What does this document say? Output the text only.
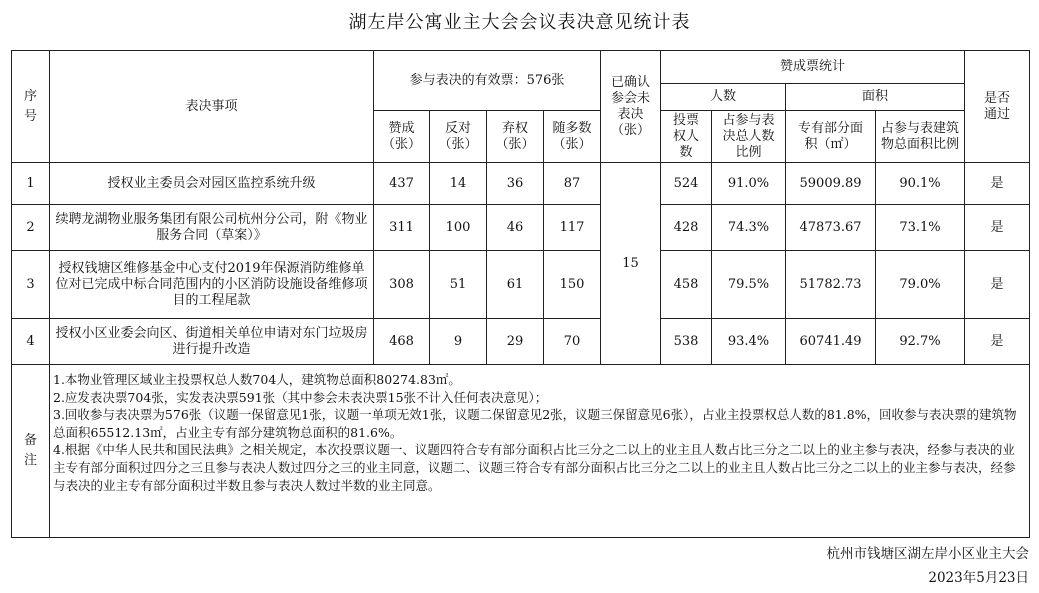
湖左岸公寓业主大会会议表决意见统计表
序号	表决事项	参与表决的有效票：576张				已确认参会未表决（张）	赞成票统计				是否通过
							人数		面积		
		赞成（张）	反对（张）	弃权（张）	随多数（张）		投票权人数	占参与表决总人数比例	专有部分面积（㎡）	占参与表建筑物总面积比例	
1	授权业主委员会对园区监控系统升级	437	14	36	87	15	524	91.0%	59009.89	90.1%	是
2	续聘龙湖物业服务集团有限公司杭州分公司，附《物业服务合同（草案）》	311	100	46	117		428	74.3%	47873.67	73.1%	是
3	授权钱塘区维修基金中心支付2019年保源消防维修单位对已完成中标合同范围内的小区消防设施设备维修项目的工程尾款	308	51	61	150		458	79.5%	51782.73	79.0%	是
4	授权小区业委会向区、街道相关单位申请对东门垃圾房进行提升改造	468	9	29	70		538	93.4%	60741.49	92.7%	是
备注	1.本物业管理区域业主投票权总人数704人，建筑物总面积80274.83㎡。
2.应发表决票704张，实发表决票591张（其中参会未表决票15张不计入任何表决意见）；
3.回收参与表决票为576张（议题一保留意见1张，议题一单项无效1张，议题二保留意见2张，议题三保留意见6张），占业主投票权总人数的81.8%，回收参与表决票的建筑物总面积65512.13㎡，占业主专有部分建筑物总面积的81.6%。
4.根据《中华人民共和国民法典》之相关规定，本次投票议题一、议题四符合专有部分面积占比三分之二以上的业主且人数占比三分之二以上的业主参与表决，经参与表决的业主专有部分面积过四分之三且参与表决人数过四分之三的业主同意，议题二、议题三符合专有部分面积占比三分之二以上的业主且人数占比三分之二以上的业主参与表决，经参与表决的业主专有部分面积过半数且参与表决人数过半数的业主同意。										
杭州市钱塘区湖左岸小区业主大会
2023年5月23日
